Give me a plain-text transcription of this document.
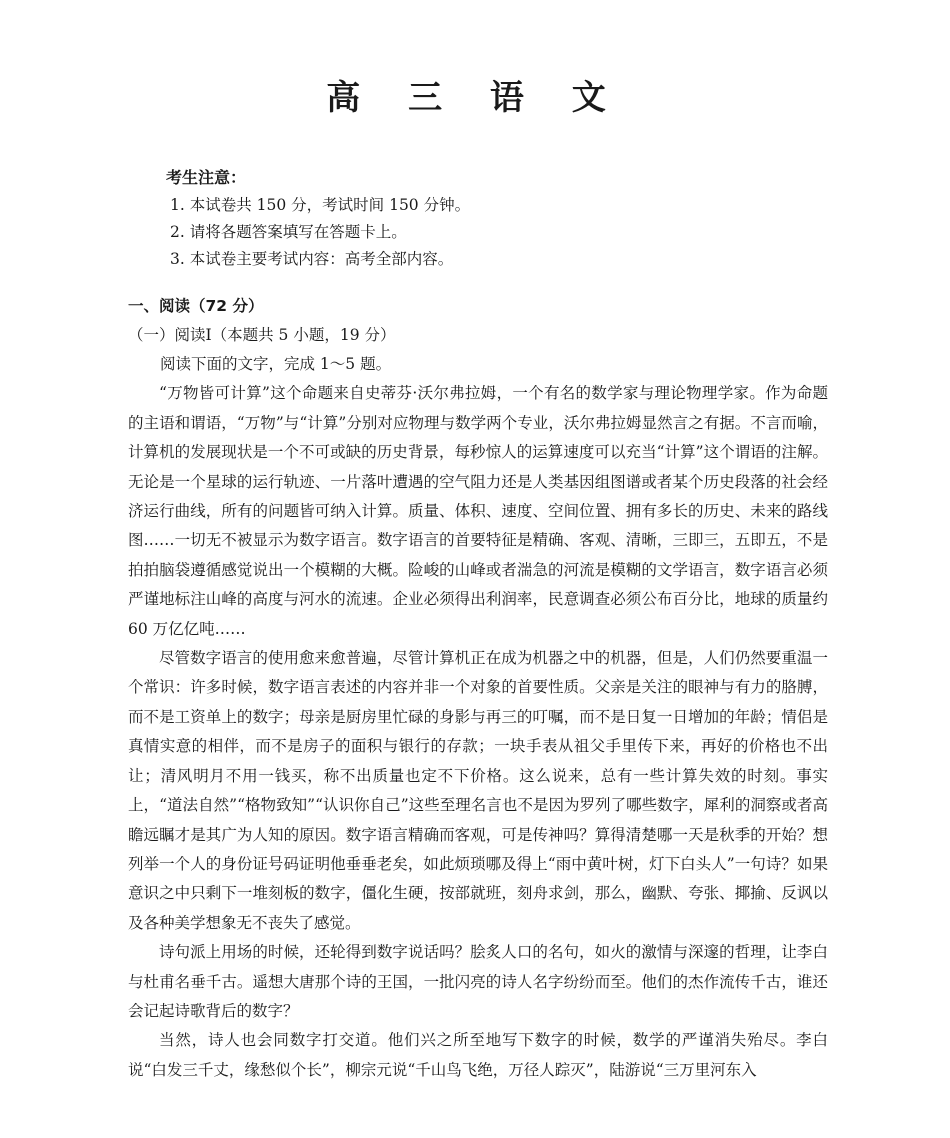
高 三 语 文
考生注意：
1. 本试卷共 150 分，考试时间 150 分钟。
2. 请将各题答案填写在答题卡上。
3. 本试卷主要考试内容：高考全部内容。
一、阅读（72 分）
（一）阅读Ⅰ（本题共 5 小题，19 分）

阅读下面的文字，完成 1～5 题。

“万物皆可计算”这个命题来自史蒂芬·沃尔弗拉姆，一个有名的数学家与理论物理学家。作为命题的主语和谓语，“万物”与“计算”分别对应物理与数学两个专业，沃尔弗拉姆显然言之有据。不言而喻，计算机的发展现状是一个不可或缺的历史背景，每秒惊人的运算速度可以充当“计算”这个谓语的注解。无论是一个星球的运行轨迹、一片落叶遭遇的空气阻力还是人类基因组图谱或者某个历史段落的社会经济运行曲线，所有的问题皆可纳入计算。质量、体积、速度、空间位置、拥有多长的历史、未来的路线图……一切无不被显示为数字语言。数字语言的首要特征是精确、客观、清晰，三即三，五即五，不是拍拍脑袋遵循感觉说出一个模糊的大概。险峻的山峰或者湍急的河流是模糊的文学语言，数字语言必须严谨地标注山峰的高度与河水的流速。企业必须得出利润率，民意调查必须公布百分比，地球的质量约 60 万亿亿吨……

尽管数字语言的使用愈来愈普遍，尽管计算机正在成为机器之中的机器，但是，人们仍然要重温一个常识：许多时候，数字语言表述的内容并非一个对象的首要性质。父亲是关注的眼神与有力的胳膊，而不是工资单上的数字；母亲是厨房里忙碌的身影与再三的叮嘱，而不是日复一日增加的年龄；情侣是真情实意的相伴，而不是房子的面积与银行的存款；一块手表从祖父手里传下来，再好的价格也不出让；清风明月不用一钱买，称不出质量也定不下价格。这么说来，总有一些计算失效的时刻。事实上，“道法自然”“格物致知”“认识你自己”这些至理名言也不是因为罗列了哪些数字，犀利的洞察或者高瞻远瞩才是其广为人知的原因。数字语言精确而客观，可是传神吗？算得清楚哪一天是秋季的开始？想列举一个人的身份证号码证明他垂垂老矣，如此烦琐哪及得上“雨中黄叶树，灯下白头人”一句诗？如果意识之中只剩下一堆刻板的数字，僵化生硬，按部就班，刻舟求剑，那么，幽默、夸张、揶揄、反讽以及各种美学想象无不丧失了感觉。

诗句派上用场的时候，还轮得到数字说话吗？脍炙人口的名句，如火的激情与深邃的哲理，让李白与杜甫名垂千古。遥想大唐那个诗的王国，一批闪亮的诗人名字纷纷而至。他们的杰作流传千古，谁还会记起诗歌背后的数字？

当然，诗人也会同数字打交道。他们兴之所至地写下数字的时候，数学的严谨消失殆尽。李白说“白发三千丈，缘愁似个长”，柳宗元说“千山鸟飞绝，万径人踪灭”，陆游说“三万里河东入
